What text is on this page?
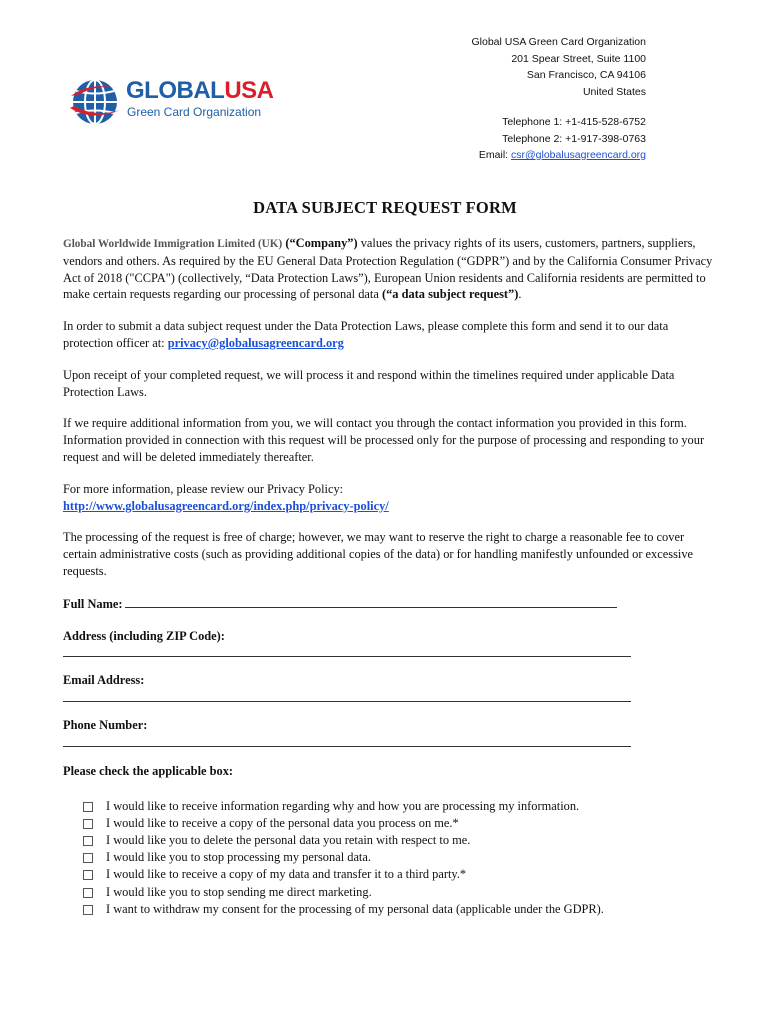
GLOBALUSA
Green Card Organization
Global USA Green Card Organization
201 Spear Street, Suite 1100
San Francisco, CA 94106
United States
Telephone 1: +1-415-528-6752
Telephone 2: +1-917-398-0763
Email: csr@globalusagreencard.org
DATA SUBJECT REQUEST FORM

Global Worldwide Immigration Limited (UK) (“Company”) values the privacy rights of its users, customers, partners, suppliers, vendors and others. As required by the EU General Data Protection Regulation (“GDPR”) and by the California Consumer Privacy Act of 2018 ("CCPA") (collectively, “Data Protection Laws”), European Union residents and California residents are permitted to make certain requests regarding our processing of personal data (“a data subject request”).

In order to submit a data subject request under the Data Protection Laws, please complete this form and send it to our data protection officer at: privacy@globalusagreencard.org

Upon receipt of your completed request, we will process it and respond within the timelines required under applicable Data Protection Laws.

If we require additional information from you, we will contact you through the contact information you provided in this form. Information provided in connection with this request will be processed only for the purpose of processing and responding to your request and will be deleted immediately thereafter.

For more information, please review our Privacy Policy:
http://www.globalusagreencard.org/index.php/privacy-policy/

The processing of the request is free of charge; however, we may want to reserve the right to charge a reasonable fee to cover certain administrative costs (such as providing additional copies of the data) or for handling manifestly unfounded or excessive requests.

Full Name:
Address (including ZIP Code):
Email Address:
Phone Number:
Please check the applicable box:
I would like to receive information regarding why and how you are processing my information.
I would like to receive a copy of the personal data you process on me.*
I would like you to delete the personal data you retain with respect to me.
I would like you to stop processing my personal data.
I would like to receive a copy of my data and transfer it to a third party.*
I would like you to stop sending me direct marketing.
I want to withdraw my consent for the processing of my personal data (applicable under the GDPR).
